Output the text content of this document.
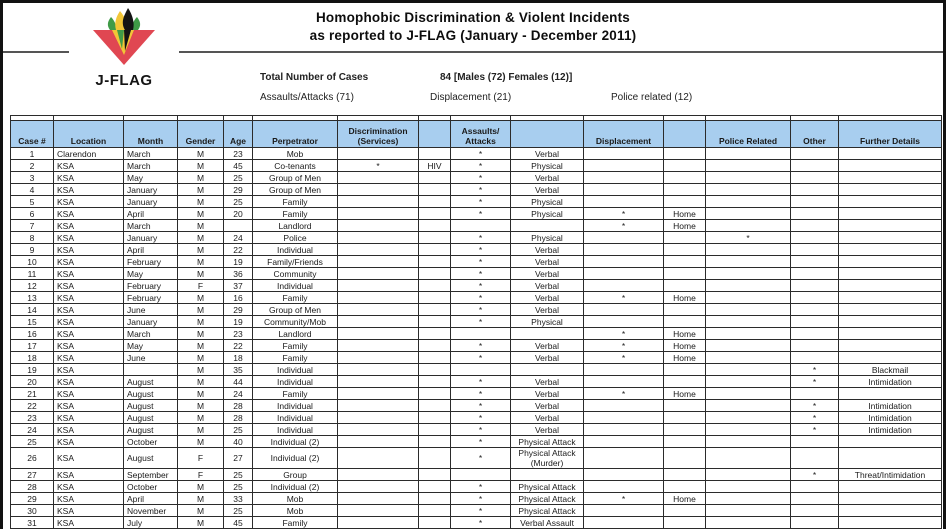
Homophobic Discrimination & Violent Incidents
as reported to J-FLAG (January - December 2011)
J-FLAG	Total Number of Cases	84 [Males (72) Females (12)]
Assaults/Attacks (71)	Displacement (21)	Police related (12)

Case #	Location	Month	Gender	Age	Perpetrator	Discrimination (Services)		Assaults/​Attacks		Displacement		Police Related	Other	Further Details
1	Clarendon	March	M	23	Mob			*	Verbal					
2	KSA	March	M	45	Co-tenants	*	HIV	*	Physical					
3	KSA	May	M	25	Group of Men			*	Verbal					
4	KSA	January	M	29	Group of Men			*	Verbal					
5	KSA	January	M	25	Family			*	Physical					
6	KSA	April	M	20	Family			*	Physical	*	Home			
7	KSA	March	M		Landlord					*	Home			
8	KSA	January	M	24	Police			*	Physical			*		
9	KSA	April	M	22	Individual			*	Verbal					
10	KSA	February	M	19	Family/Friends			*	Verbal					
11	KSA	May	M	36	Community			*	Verbal					
12	KSA	February	F	37	Individual			*	Verbal					
13	KSA	February	M	16	Family			*	Verbal	*	Home			
14	KSA	June	M	29	Group of Men			*	Verbal					
15	KSA	January	M	19	Community/Mob			*	Physical					
16	KSA	March	M	23	Landlord					*	Home			
17	KSA	May	M	22	Family			*	Verbal	*	Home			
18	KSA	June	M	18	Family			*	Verbal	*	Home			
19	KSA		M	35	Individual								*	Blackmail
20	KSA	August	M	44	Individual			*	Verbal				*	Intimidation
21	KSA	August	M	24	Family			*	Verbal	*	Home			
22	KSA	August	M	28	Individual			*	Verbal				*	Intimidation
23	KSA	August	M	28	Individual			*	Verbal				*	Intimidation
24	KSA	August	M	25	Individual			*	Verbal				*	Intimidation
25	KSA	October	M	40	Individual (2)			*	Physical Attack					
26	KSA	August	F	27	Individual (2)			*	Physical Attack (Murder)					
27	KSA	September	F	25	Group								*	Threat/Intimidation
28	KSA	October	M	25	Individual (2)			*	Physical Attack					
29	KSA	April	M	33	Mob			*	Physical Attack	*	Home			
30	KSA	November	M	25	Mob			*	Physical Attack					
31	KSA	July	M	45	Family			*	Verbal Assault					
